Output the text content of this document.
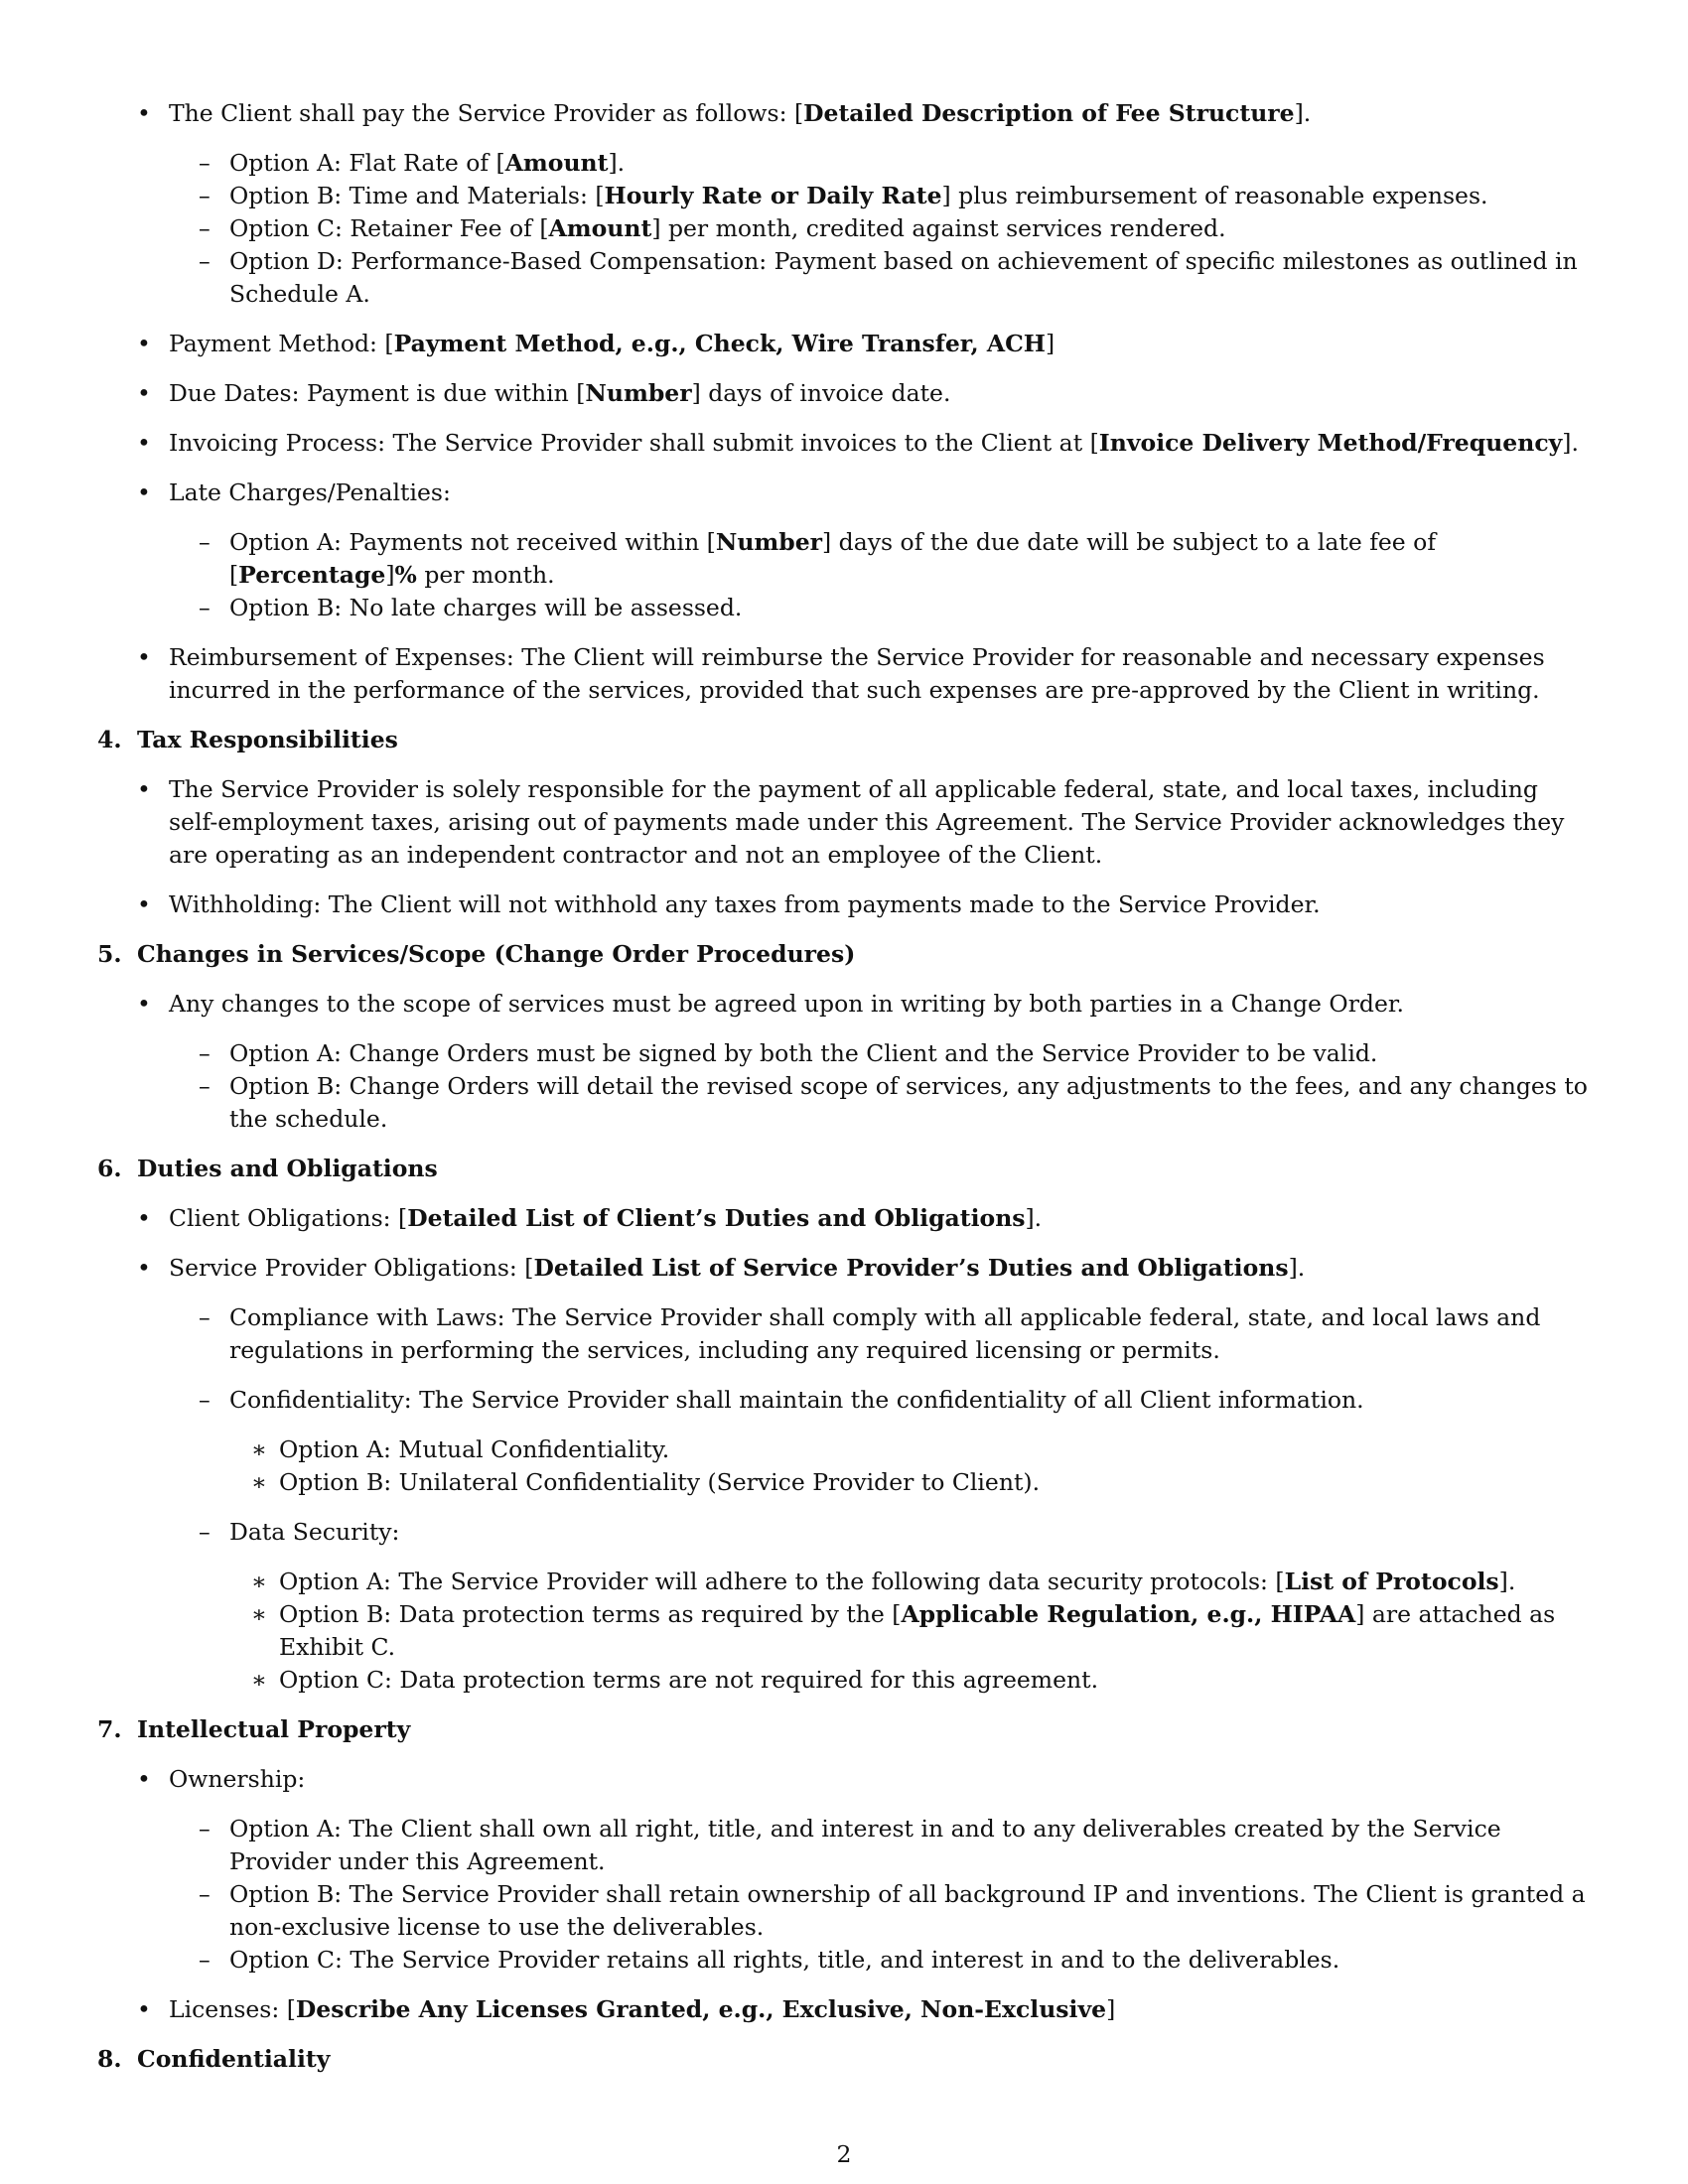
• The Client shall pay the Service Provider as follows: [Detailed Description of Fee Structure].
– Option A: Flat Rate of [Amount].
– Option B: Time and Materials: [Hourly Rate or Daily Rate] plus reimbursement of reasonable expenses.
– Option C: Retainer Fee of [Amount] per month, credited against services rendered.
– Option D: Performance-Based Compensation: Payment based on achievement of specific milestones as outlined in Schedule A.
• Payment Method: [Payment Method, e.g., Check, Wire Transfer, ACH]
• Due Dates: Payment is due within [Number] days of invoice date.
• Invoicing Process: The Service Provider shall submit invoices to the Client at [Invoice Delivery Method/Frequency].
• Late Charges/Penalties:
– Option A: Payments not received within [Number] days of the due date will be subject to a late fee of [Percentage]% per month.
– Option B: No late charges will be assessed.
• Reimbursement of Expenses: The Client will reimburse the Service Provider for reasonable and necessary expenses incurred in the performance of the services, provided that such expenses are pre-approved by the Client in writing.
4. Tax Responsibilities
• The Service Provider is solely responsible for the payment of all applicable federal, state, and local taxes, including self-employment taxes, arising out of payments made under this Agreement. The Service Provider acknowledges they are operating as an independent contractor and not an employee of the Client.
• Withholding: The Client will not withhold any taxes from payments made to the Service Provider.
5. Changes in Services/Scope (Change Order Procedures)
• Any changes to the scope of services must be agreed upon in writing by both parties in a Change Order.
– Option A: Change Orders must be signed by both the Client and the Service Provider to be valid.
– Option B: Change Orders will detail the revised scope of services, any adjustments to the fees, and any changes to the schedule.
6. Duties and Obligations
• Client Obligations: [Detailed List of Client’s Duties and Obligations].
• Service Provider Obligations: [Detailed List of Service Provider’s Duties and Obligations].
– Compliance with Laws: The Service Provider shall comply with all applicable federal, state, and local laws and regulations in performing the services, including any required licensing or permits.
– Confidentiality: The Service Provider shall maintain the confidentiality of all Client information.
∗ Option A: Mutual Confidentiality.
∗ Option B: Unilateral Confidentiality (Service Provider to Client).
– Data Security:
∗ Option A: The Service Provider will adhere to the following data security protocols: [List of Protocols].
∗ Option B: Data protection terms as required by the [Applicable Regulation, e.g., HIPAA] are attached as Exhibit C.
∗ Option C: Data protection terms are not required for this agreement.
7. Intellectual Property
• Ownership:
– Option A: The Client shall own all right, title, and interest in and to any deliverables created by the Service Provider under this Agreement.
– Option B: The Service Provider shall retain ownership of all background IP and inventions. The Client is granted a non-exclusive license to use the deliverables.
– Option C: The Service Provider retains all rights, title, and interest in and to the deliverables.
• Licenses: [Describe Any Licenses Granted, e.g., Exclusive, Non-Exclusive]
8. Confidentiality
2
